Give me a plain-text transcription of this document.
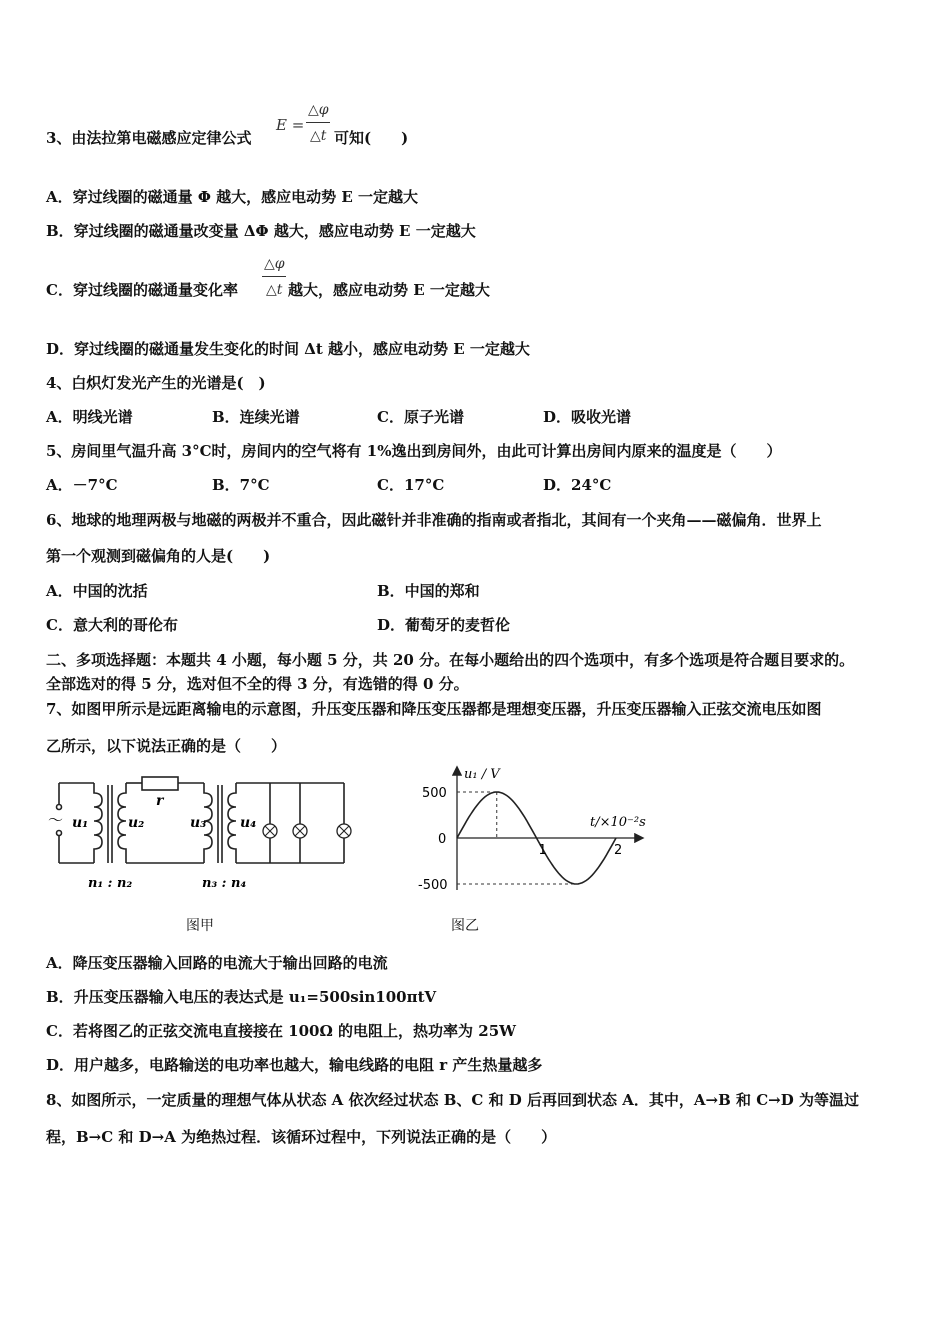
3、由法拉第电磁感应定律公式
E =
△φ
△t 可知(　　)
A．穿过线圈的磁通量 Φ 越大，感应电动势 E 一定越大
B．穿过线圈的磁通量改变量 ΔΦ 越大，感应电动势 E 一定越大
C．穿过线圈的磁通量变化率
△φ
△t 越大，感应电动势 E 一定越大
D．穿过线圈的磁通量发生变化的时间 Δt 越小，感应电动势 E 一定越大
4、白炽灯发光产生的光谱是(　)
A．明线光谱	B．连续光谱	C．原子光谱	D．吸收光谱
5、房间里气温升高 3°C时，房间内的空气将有 1%逸出到房间外，由此可计算出房间内原来的温度是（　　）
A．－7°C	B．7°C	C．17°C	D．24°C
6、地球的地理两极与地磁的两极并不重合，因此磁针并非准确的指南或者指北，其间有一个夹角——磁偏角．世界上
第一个观测到磁偏角的人是(　　)
A．中国的沈括	B．中国的郑和
C．意大利的哥伦布	D．葡萄牙的麦哲伦
二、多项选择题：本题共 4 小题，每小题 5 分，共 20 分。在每小题给出的四个选项中，有多个选项是符合题目要求的。
全部选对的得 5 分，选对但不全的得 3 分，有选错的得 0 分。
7、如图甲所示是远距离输电的示意图，升压变压器和降压变压器都是理想变压器，升压变压器输入正弦交流电压如图
乙所示，以下说法正确的是（　　）
～ u₁	u₂
r
u₃ u₄
n₁ : n₂	n₃ : n₄
图甲
u₁ / V
t/×10⁻²s
500
0
-500
1	2
图乙
A．降压变压器输入回路的电流大于输出回路的电流
B．升压变压器输入电压的表达式是 u₁=500sin100πtV
C．若将图乙的正弦交流电直接接在 100Ω 的电阻上，热功率为 25W
D．用户越多，电路输送的电功率也越大，输电线路的电阻 r 产生热量越多
8、如图所示，一定质量的理想气体从状态 A 依次经过状态 B、C 和 D 后再回到状态 A．其中，A→B 和 C→D 为等温过
程，B→C 和 D→A 为绝热过程．该循环过程中，下列说法正确的是（　　）
